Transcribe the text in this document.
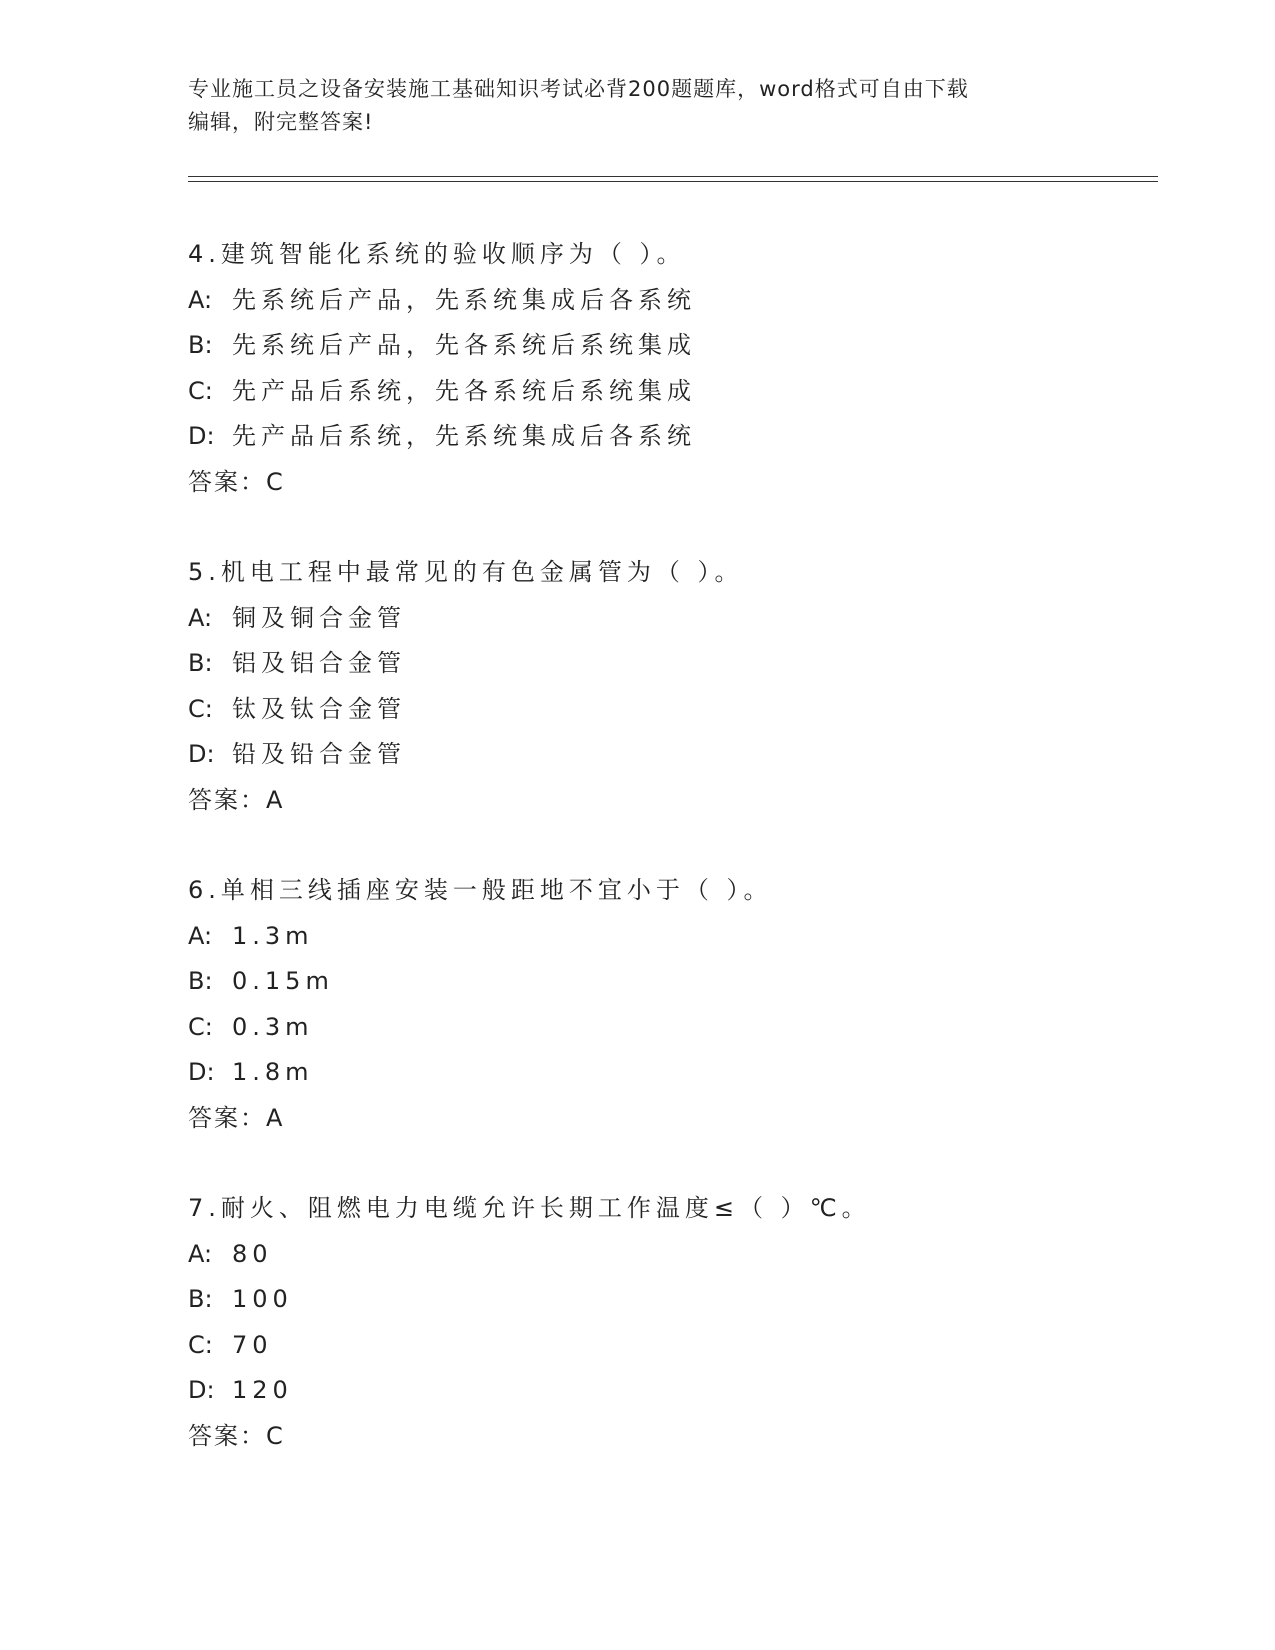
专业施工员之设备安装施工基础知识考试必背200题题库，word格式可自由下载
编辑，附完整答案!
4.建筑智能化系统的验收顺序为（ ）。
A: 先系统后产品，先系统集成后各系统
B: 先系统后产品，先各系统后系统集成
C: 先产品后系统，先各系统后系统集成
D: 先产品后系统，先系统集成后各系统
答案：C
5.机电工程中最常见的有色金属管为（ ）。
A: 铜及铜合金管
B: 铝及铝合金管
C: 钛及钛合金管
D: 铅及铅合金管
答案：A
6.单相三线插座安装一般距地不宜小于（ ）。
A: 1.3m
B: 0.15m
C: 0.3m
D: 1.8m
答案：A
7.耐火、阻燃电力电缆允许长期工作温度≤（ ）℃。
A: 80
B: 100
C: 70
D: 120
答案：C
